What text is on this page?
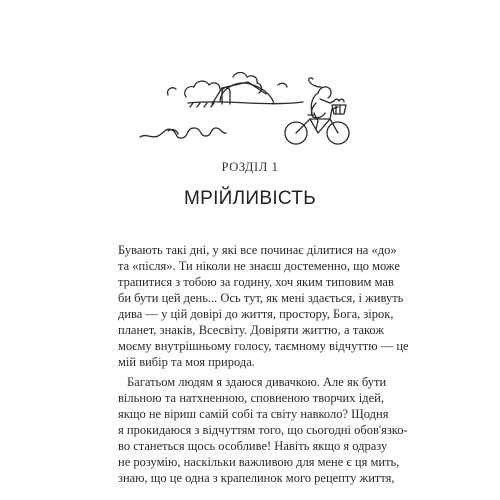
РОЗДІЛ 1
МРІЙЛИВІСТЬ
Бувають такі дні, у які все починає ділитися на «до»
та «після». Ти ніколи не знаєш достеменно, що може
трапитися з тобою за годину, хоч яким типовим мав
би бути цей день... Ось тут, як мені здається, і живуть
дива — у цій довірі до життя, простору, Бога, зірок,
планет, знаків, Всесвіту. Довіряти життю, а також
моєму внутрішньому голосу, таємному відчуттю — це
мій вибір та моя природа.
Багатьом людям я здаюся дивачкою. Але як бути
вільною та натхненною, сповненою творчих ідей,
якщо не віриш самій собі та світу навколо? Щодня
я прокидаюся з відчуттям того, що сьогодні обов'язко-
во станеться щось особливе! Навіть якщо я одразу
не розумію, наскільки важливою для мене є ця мить,
знаю, що це одна з крапелинок мого рецепту життя,
